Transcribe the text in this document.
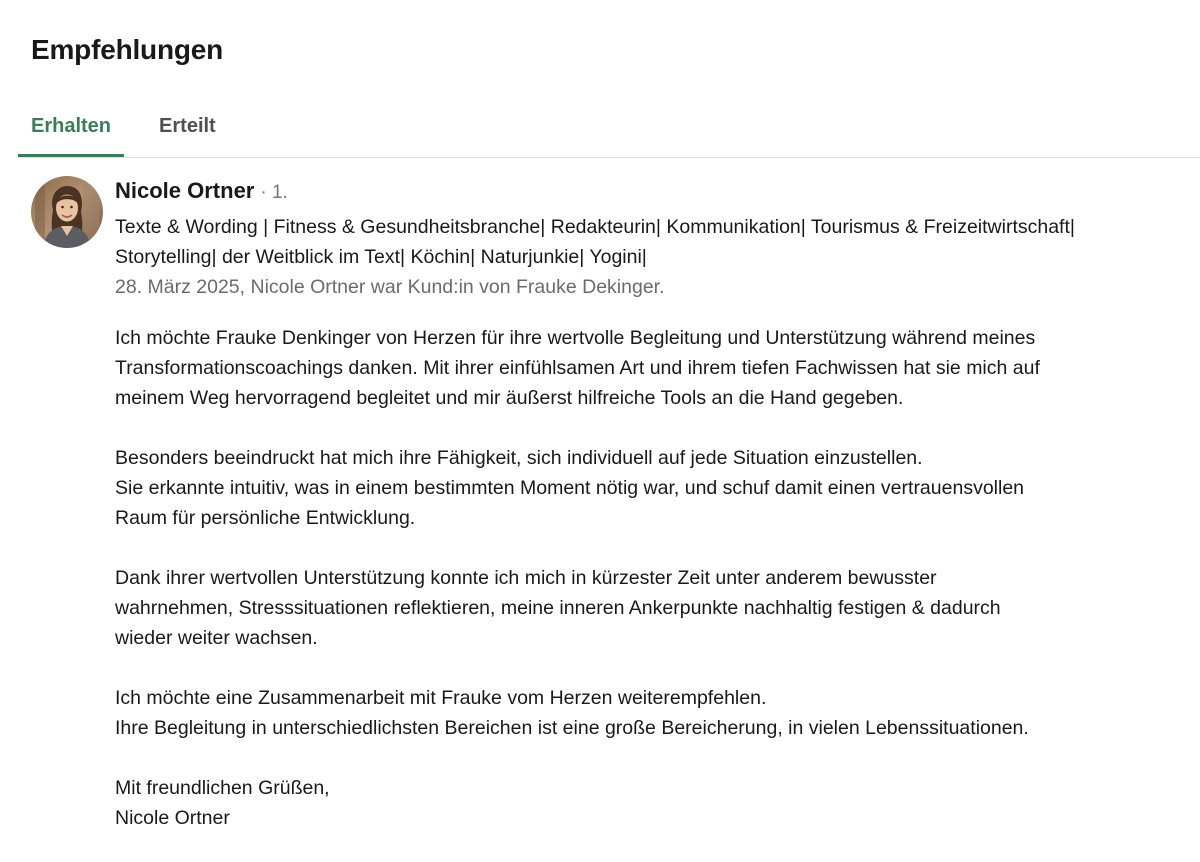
Empfehlungen
Erhalten	Erteilt
Nicole Ortner · 1.

Texte & Wording | Fitness & Gesundheitsbranche| Redakteurin| Kommunikation| Tourismus & Freizeitwirtschaft| Storytelling| der Weitblick im Text| Köchin| Naturjunkie| Yogini|

28. März 2025, Nicole Ortner war Kund:in von Frauke Dekinger.

Ich möchte Frauke Denkinger von Herzen für ihre wertvolle Begleitung und Unterstützung während meines
Transformationscoachings danken. Mit ihrer einfühlsamen Art und ihrem tiefen Fachwissen hat sie mich auf
meinem Weg hervorragend begleitet und mir äußerst hilfreiche Tools an die Hand gegeben.

Besonders beeindruckt hat mich ihre Fähigkeit, sich individuell auf jede Situation einzustellen.
Sie erkannte intuitiv, was in einem bestimmten Moment nötig war, und schuf damit einen vertrauensvollen
Raum für persönliche Entwicklung.

Dank ihrer wertvollen Unterstützung konnte ich mich in kürzester Zeit unter anderem bewusster
wahrnehmen, Stresssituationen reflektieren, meine inneren Ankerpunkte nachhaltig festigen & dadurch
wieder weiter wachsen.

Ich möchte eine Zusammenarbeit mit Frauke vom Herzen weiterempfehlen.
Ihre Begleitung in unterschiedlichsten Bereichen ist eine große Bereicherung, in vielen Lebenssituationen.

Mit freundlichen Grüßen,
Nicole Ortner
